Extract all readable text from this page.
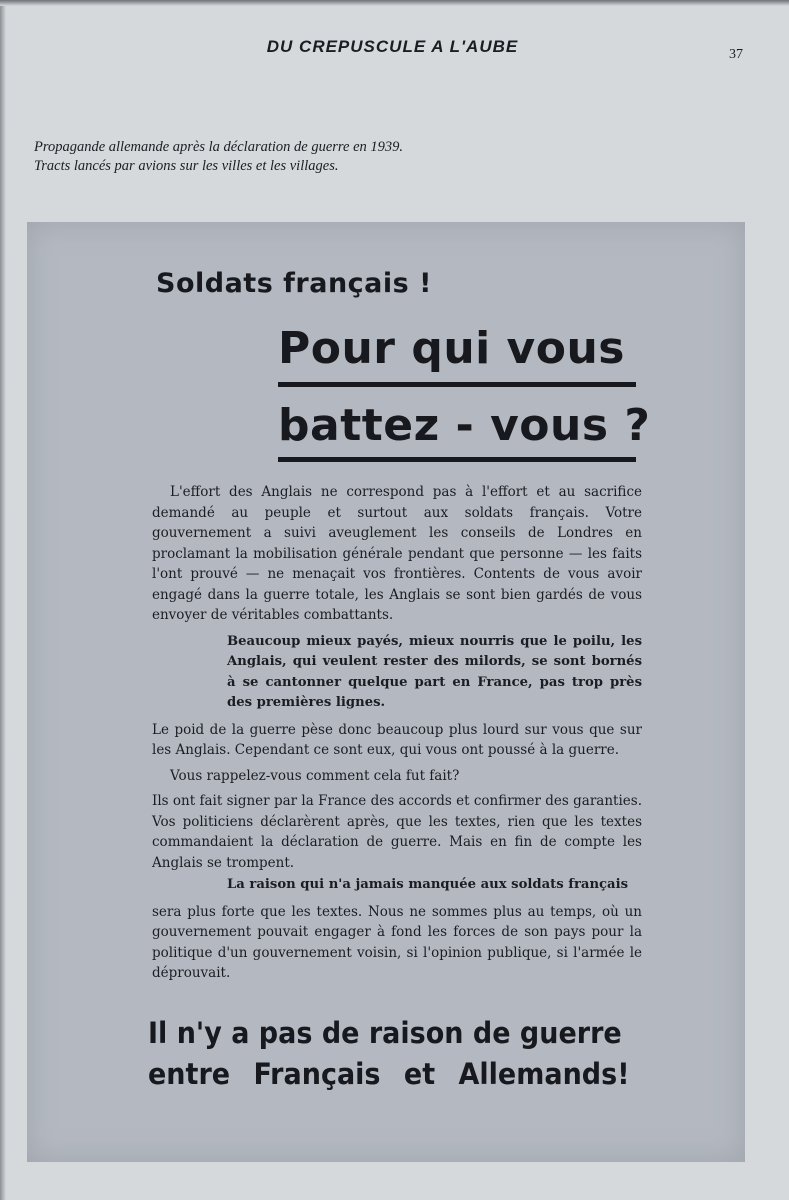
DU CREPUSCULE A L'AUBE	37
Propagande allemande après la déclaration de guerre en 1939.
Tracts lancés par avions sur les villes et les villages.
Soldats français !
Pour qui vous
battez - vous ?

L'effort des Anglais ne correspond pas à l'effort et au sacrifice demandé au peuple et surtout aux soldats français. Votre gouvernement a suivi aveuglement les conseils de Londres en proclamant la mobilisation générale pendant que personne — les faits l'ont prouvé — ne menaçait vos frontières. Contents de vous avoir engagé dans la guerre totale, les Anglais se sont bien gardés de vous envoyer de véritables combattants.

Beaucoup mieux payés, mieux nourris que le poilu, les Anglais, qui veulent rester des milords, se sont bornés à se cantonner quelque part en France, pas trop près des premières lignes.

Le poid de la guerre pèse donc beaucoup plus lourd sur vous que sur les Anglais. Cependant ce sont eux, qui vous ont poussé à la guerre.

Vous rappelez-vous comment cela fut fait?

Ils ont fait signer par la France des accords et confirmer des garanties. Vos politiciens déclarèrent après, que les textes, rien que les textes commandaient la déclaration de guerre. Mais en fin de compte les Anglais se trompent.

La raison qui n'a jamais manquée aux soldats français

sera plus forte que les textes. Nous ne sommes plus au temps, où un gouvernement pouvait engager à fond les forces de son pays pour la politique d'un gouvernement voisin, si l'opinion publique, si l'armée le déprouvait.

Il n'y a pas de raison de guerre
entre Français et Allemands!
